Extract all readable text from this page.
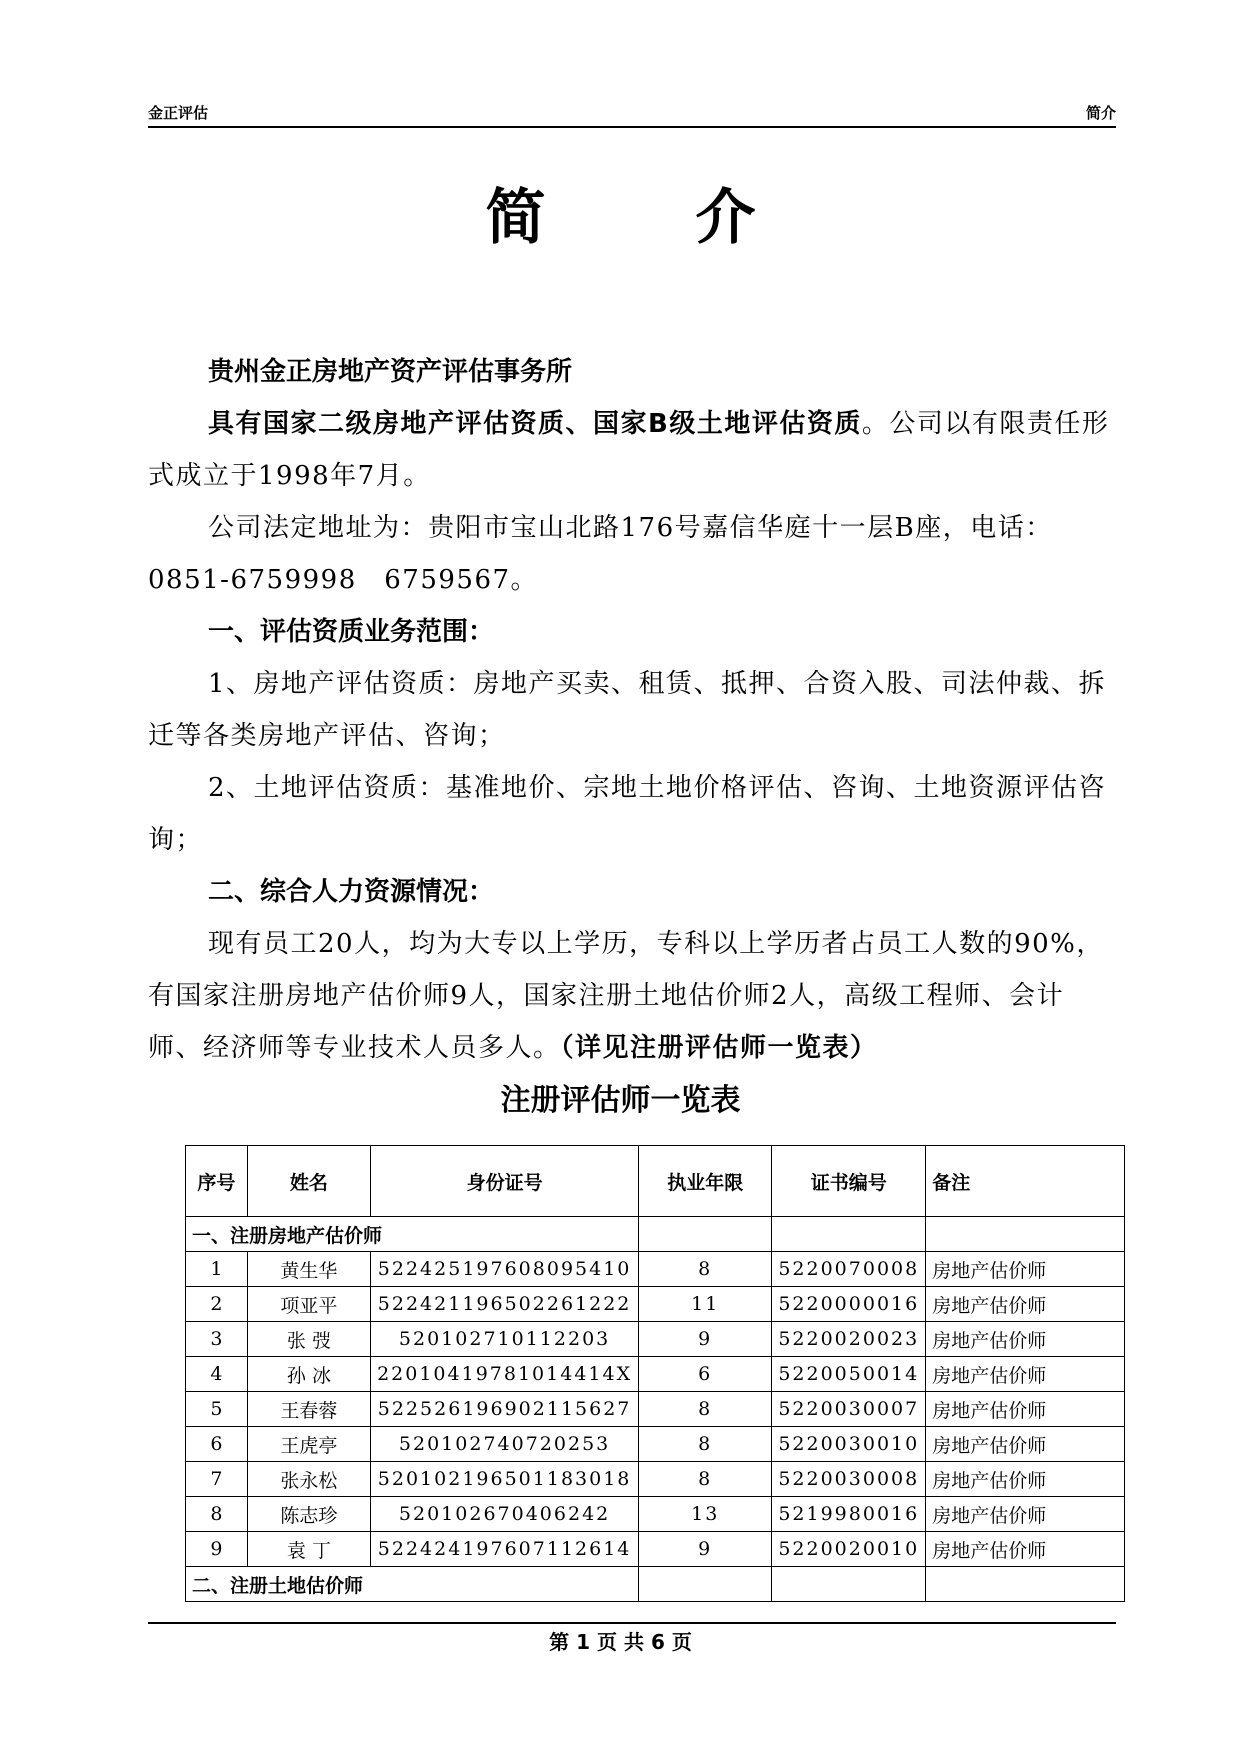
金正评估	简介
简介

贵州金正房地产资产评估事务所

具有国家二级房地产评估资质、国家B级土地评估资质。公司以有限责任形式成立于1998年7月。

公司法定地址为：贵阳市宝山北路176号嘉信华庭十一层B座，电话：0851-6759998　6759567。

一、评估资质业务范围：

1、房地产评估资质：房地产买卖、租赁、抵押、合资入股、司法仲裁、拆迁等各类房地产评估、咨询；

2、土地评估资质：基准地价、宗地土地价格评估、咨询、土地资源评估咨询；

二、综合人力资源情况：

现有员工20人，均为大专以上学历，专科以上学历者占员工人数的90%，有国家注册房地产估价师9人，国家注册土地估价师2人，高级工程师、会计师、经济师等专业技术人员多人。（详见注册评估师一览表）

注册评估师一览表
序号	姓名	身份证号	执业年限	证书编号	备注
一、注册房地产估价师					
1	黄生华	522425197608095410	8	5220070008	房地产估价师
2	项亚平	522421196502261222	11	5220000016	房地产估价师
3	张 弢	520102710112203	9	5220020023	房地产估价师
4	孙 冰	22010419781014414X	6	5220050014	房地产估价师
5	王春蓉	522526196902115627	8	5220030007	房地产估价师
6	王虎亭	520102740720253	8	5220030010	房地产估价师
7	张永松	520102196501183018	8	5220030008	房地产估价师
8	陈志珍	520102670406242	13	5219980016	房地产估价师
9	袁 丁	522424197607112614	9	5220020010	房地产估价师
二、注册土地估价师					
第 1 页 共 6 页
